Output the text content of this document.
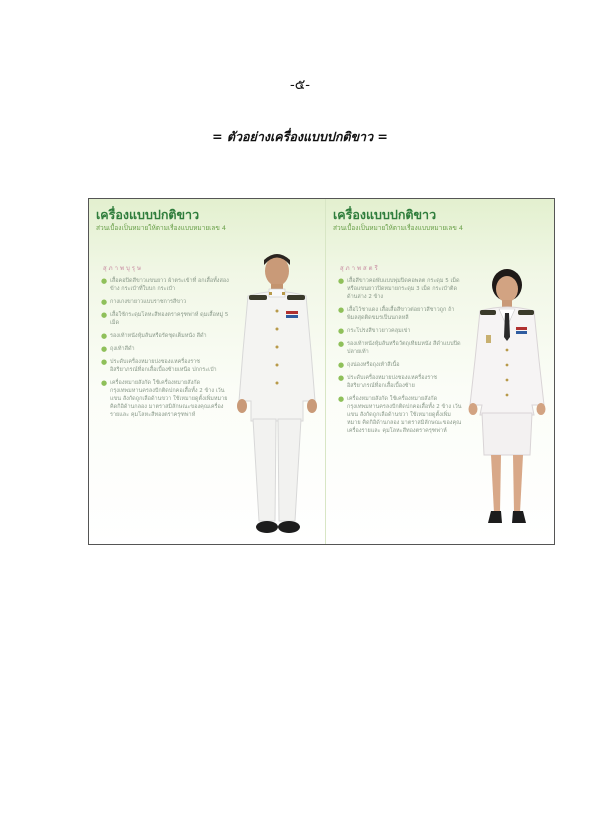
-๕-
= ตัวอย่างเครื่องแบบปกติขาว =
เครื่องแบบปกติขาว
ส่วนเบื้องเป็นหมายให้ตามเรื่องแบบหมายเลข 4
สุภาพบุรุษ
● เสื้อคอปิดสีขาวแขนยาว ผ้าตระเข้าที่ อกเสื้อทั้งสองข้าง กระเป๋าที่ใบบก กระเป๋า
● กางเกงขายาวแบบราชการสีขาว
● เสื้อใช้กระดุมโลหะสีทองตราครุฑพ่าห์ ดุมเสื้อหมู่ 5 เม็ด
● รองเท้าหนังหุ้มส้นหรือรัดชุดเต็มหนัง สีดำ
● ถุงเท้าสีดำ
● ประดับเครื่องหมายบ่งชองแหครื่องราช อิสริยาภรณ์ที่อกเสื้อเบื้องซ้ายเหนือ ปกกระเป๋า
● เครื่องหมายสังกัด ใช้เครื่องหมายสังกัด กรุงเทพมหานครลงปักติดปกคอเสื้อทั้ง 2 ข้าง เว้นแขน สังกัดถูกเลือด้านขวา ใช้เหมายดูตั้งเพิ่มหมาย คิดกิอิด้านกลอง มาตราสมิลักษณะของคุณเครื่องรายและ คุมโลหะสีทองตราครุฑพ่าห์
เครื่องแบบปกติขาว
ส่วนเบื้องเป็นหมายให้ตามเรื่องแบบหมายเลข 4
สุภาพสตรี
● เสื้อสีขาวคอพับแบบพุ่มปิดคอพลต กระดุม 5 เม็ด หรือแขนยาวปิดหมายกระดุม 3 เม็ด กระเป๋าติดด้านล่าง 2 ข้าง
● เสื้อไว้ชาแดง เสื้อเสื้อสีขาวต่อยาวสีชาวถูก ถ้าพิมลสุดติดขมรเป็นนกลหลี
● กระโปรงสีขาวยาวคลุมเข่า
● รองเท้าหนังหุ้มส้นหรือวัตถุเทียมหนัง สีดำแบบปิดปลายเท้า
● ถุงน่องหรือถุงเท้าสีเนื้อ
● ประดับเครื่องหมายบ่งชองแหครื่องราช อิสริยาภรณ์ที่อกเสื้อเบื้องซ้าย
● เครื่องหมายสังกัด ใช้เครื่องหมายสังกัด กรุงเทพมหานครลงปักติดปกคอเสื้อทั้ง 2 ข้าง เว้นแขน สังกัดถูกเลือด้านขวา ใช้เหมายดูตั้งเพิ่มหมาย คิดกิอิด้านกลอง มาตราสมิลักษณะของคุณเครื่องรายและ คุมโลหะสีทองตราครุฑพ่าห์
